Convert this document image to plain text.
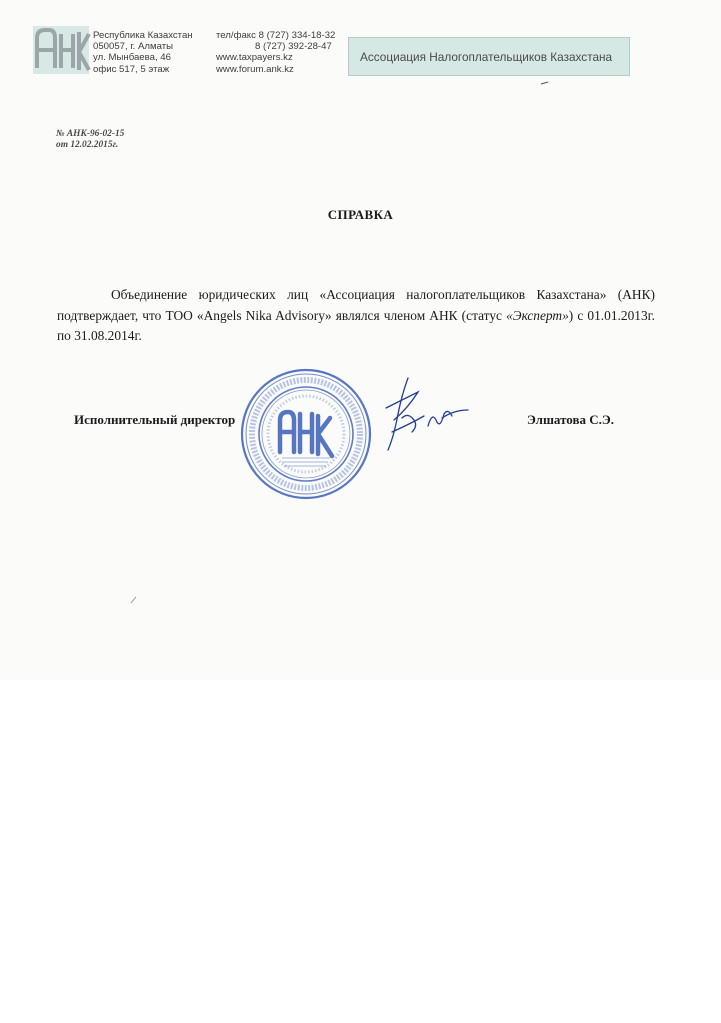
Республика Казахстан
050057, г. Алматы
ул. Мынбаева, 46
офис 517, 5 этаж
тел/факс 8 (727) 334-18-32
8 (727) 392-28-47
www.taxpayers.kz
www.forum.ank.kz
Ассоциация Налогоплательщиков Казахстана
№ АНК-96-02-15
от 12.02.2015г.
СПРАВКА

Объединение юридических лиц «Ассоциация налогоплательщиков Казахстана» (АНК) подтверждает, что ТОО «Angels Nika Advisory» являлся членом АНК (статус «Эксперт») с 01.01.2013г. по 31.08.2014г.

Исполнительный директор	Элшатова С.Э.
